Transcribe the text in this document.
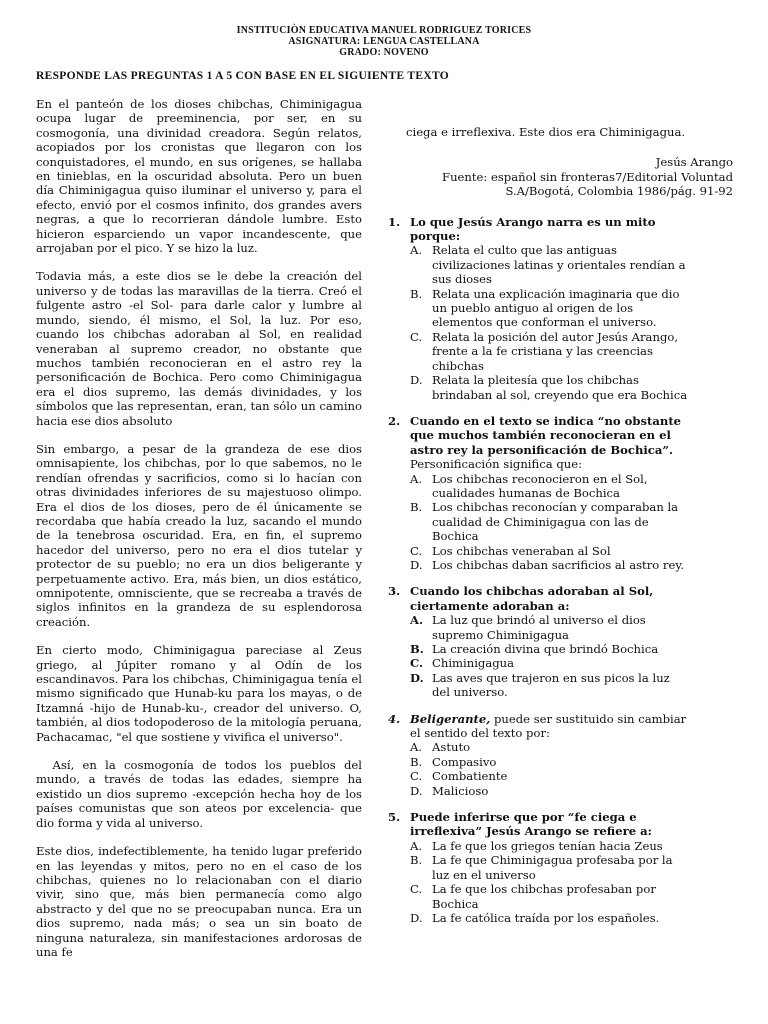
INSTITUCIÒN EDUCATIVA MANUEL RODRIGUEZ TORICES
ASIGNATURA: LENGUA CASTELLANA
GRADO: NOVENO
RESPONDE LAS PREGUNTAS 1 A 5 CON BASE EN EL SIGUIENTE TEXTO

En el panteón de los dioses chibchas, Chiminigagua ocupa lugar de preeminencia, por ser, en su cosmogonía, una divinidad creadora. Según relatos, acopiados por los cronistas que llegaron con los conquistadores, el mundo, en sus orígenes, se hallaba en tinieblas, en la oscuridad absoluta. Pero un buen día Chiminigagua quiso iluminar el universo y, para el efecto, envió por el cosmos infinito, dos grandes avers negras, a que lo recorrieran dándole lumbre. Esto hicieron esparciendo un vapor incandescente, que arrojaban por el pico. Y se hizo la luz.

Todavia más, a este dios se le debe la creación del universo y de todas las maravillas de la tierra. Creó el fulgente astro -el Sol- para darle calor y lumbre al mundo, siendo, él mismo, el Sol, la luz. Por eso, cuando los chibchas adoraban al Sol, en realidad veneraban al supremo creador, no obstante que muchos también reconocieran en el astro rey la personificación de Bochica. Pero como Chiminigagua era el dios supremo, las demás divinidades, y los símbolos que las representan, eran, tan sólo un camino hacia ese dios absoluto

Sin embargo, a pesar de la grandeza de ese dios omnisapiente, los chibchas, por lo que sabemos, no le rendían ofrendas y sacrificios, como si lo hacían con otras divinidades inferiores de su majestuoso olimpo. Era el dios de los dioses, pero de él únicamente se recordaba que había creado la luz, sacando el mundo de la tenebrosa oscuridad. Era, en fin, el supremo hacedor del universo, pero no era el dios tutelar y protector de su pueblo; no era un dios beligerante y perpetuamente activo. Era, más bien, un dios estático, omnipotente, omnisciente, que se recreaba a través de siglos infinitos en la grandeza de su esplendorosa creación.

En cierto modo, Chiminigagua pareciase al Zeus griego, al Júpiter romano y al Odín de los escandinavos. Para los chibchas, Chiminigagua tenía el mismo significado que Hunab-ku para los mayas, o de Itzamná -hijo de Hunab-ku-, creador del universo. O, también, al dios todopoderoso de la mitología peruana, Pachacamac, "el que sostiene y vivifica el universo".

Así, en la cosmogonía de todos los pueblos del mundo, a través de todas las edades, siempre ha existido un dios supremo -excepción hecha hoy de los países comunistas que son ateos por excelencia- que dio forma y vida al universo.

Este dios, indefectiblemente, ha tenido lugar preferido en las leyendas y mitos, pero no en el caso de los chibchas, quienes no lo relacionaban con el diario vivir, sino que, más bien permanecía como algo abstracto y del que no se preocupaban nunca. Era un dios supremo, nada más; o sea un sin boato de ninguna naturaleza, sin manifestaciones ardorosas de una fe

ciega e irreflexiva. Este dios era Chiminigagua.
Jesús Arango
Fuente: español sin fronteras7/Editorial Voluntad
S.A/Bogotá, Colombia 1986/pág. 91-92
1. Lo que Jesús Arango narra es un mito porque:
A. Relata el culto que las antiguas civilizaciones latinas y orientales rendían a sus dioses
B. Relata una explicación imaginaria que dio un pueblo antiguo al origen de los elementos que conforman el universo.
C. Relata la posición del autor Jesús Arango, frente a la fe cristiana y las creencias chibchas
D. Relata la pleitesía que los chibchas brindaban al sol, creyendo que era Bochica
2. Cuando en el texto se indica “no obstante que muchos también reconocieran en el astro rey la personificación de Bochica”.
Personificación significa que:
A. Los chibchas reconocieron en el Sol, cualidades humanas de Bochica
B. Los chibchas reconocían y comparaban la cualidad de Chiminigagua con las de Bochica
C. Los chibchas veneraban al Sol
D. Los chibchas daban sacrificios al astro rey.
3. Cuando los chibchas adoraban al Sol, ciertamente adoraban a:
A. La luz que brindó al universo el dios supremo Chiminigagua
B. La creación divina que brindó Bochica
C. Chiminigagua
D. Las aves que trajeron en sus picos la luz del universo.
4. Beligerante, puede ser sustituido sin cambiar el sentido del texto por:
A. Astuto
B. Compasivo
C. Combatiente
D. Malicioso
5. Puede inferirse que por “fe ciega e irreflexiva” Jesús Arango se refiere a:
A. La fe que los griegos tenían hacia Zeus
B. La fe que Chiminigagua profesaba por la luz en el universo
C. La fe que los chibchas profesaban por Bochica
D. La fe católica traída por los españoles.
